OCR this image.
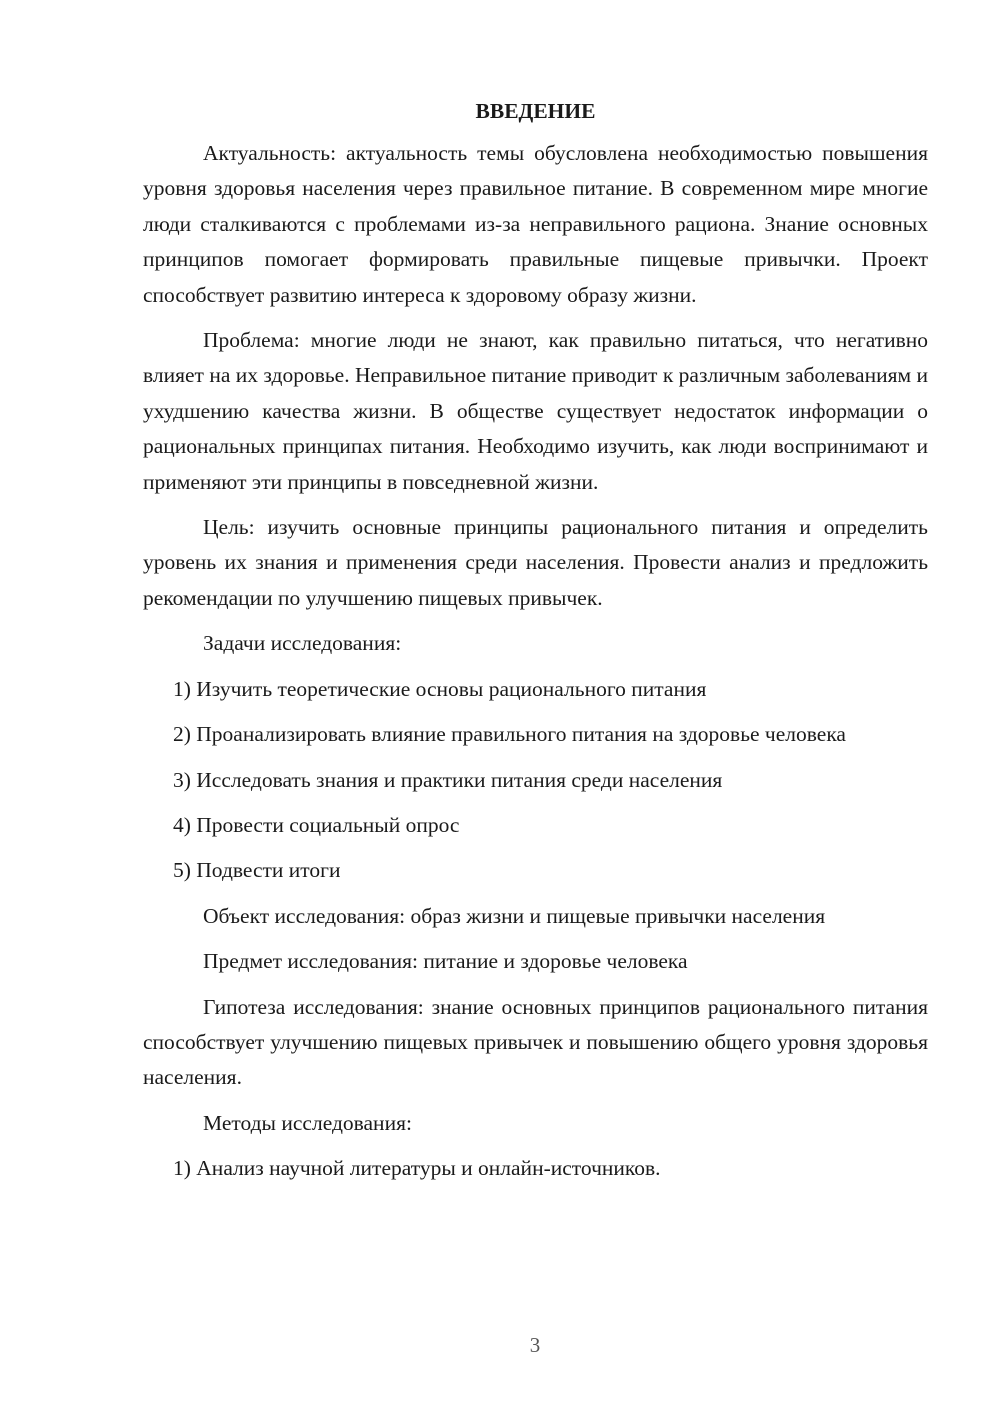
ВВЕДЕНИЕ
Актуальность: актуальность темы обусловлена необходимостью повышения уровня здоровья населения через правильное питание. В современном мире многие люди сталкиваются с проблемами из-за неправильного рациона. Знание основных принципов помогает формировать правильные пищевые привычки. Проект способствует развитию интереса к здоровому образу жизни.
Проблема: многие люди не знают, как правильно питаться, что негативно влияет на их здоровье. Неправильное питание приводит к различным заболеваниям и ухудшению качества жизни. В обществе существует недостаток информации о рациональных принципах питания. Необходимо изучить, как люди воспринимают и применяют эти принципы в повседневной жизни.
Цель: изучить основные принципы рационального питания и определить уровень их знания и применения среди населения. Провести анализ и предложить рекомендации по улучшению пищевых привычек.
Задачи исследования:
1) Изучить теоретические основы рационального питания
2) Проанализировать влияние правильного питания на здоровье человека
3) Исследовать знания и практики питания среди населения
4) Провести социальный опрос
5) Подвести итоги
Объект исследования: образ жизни и пищевые привычки населения
Предмет исследования: питание и здоровье человека
Гипотеза исследования: знание основных принципов рационального питания способствует улучшению пищевых привычек и повышению общего уровня здоровья населения.
Методы исследования:
1) Анализ научной литературы и онлайн-источников.
3
